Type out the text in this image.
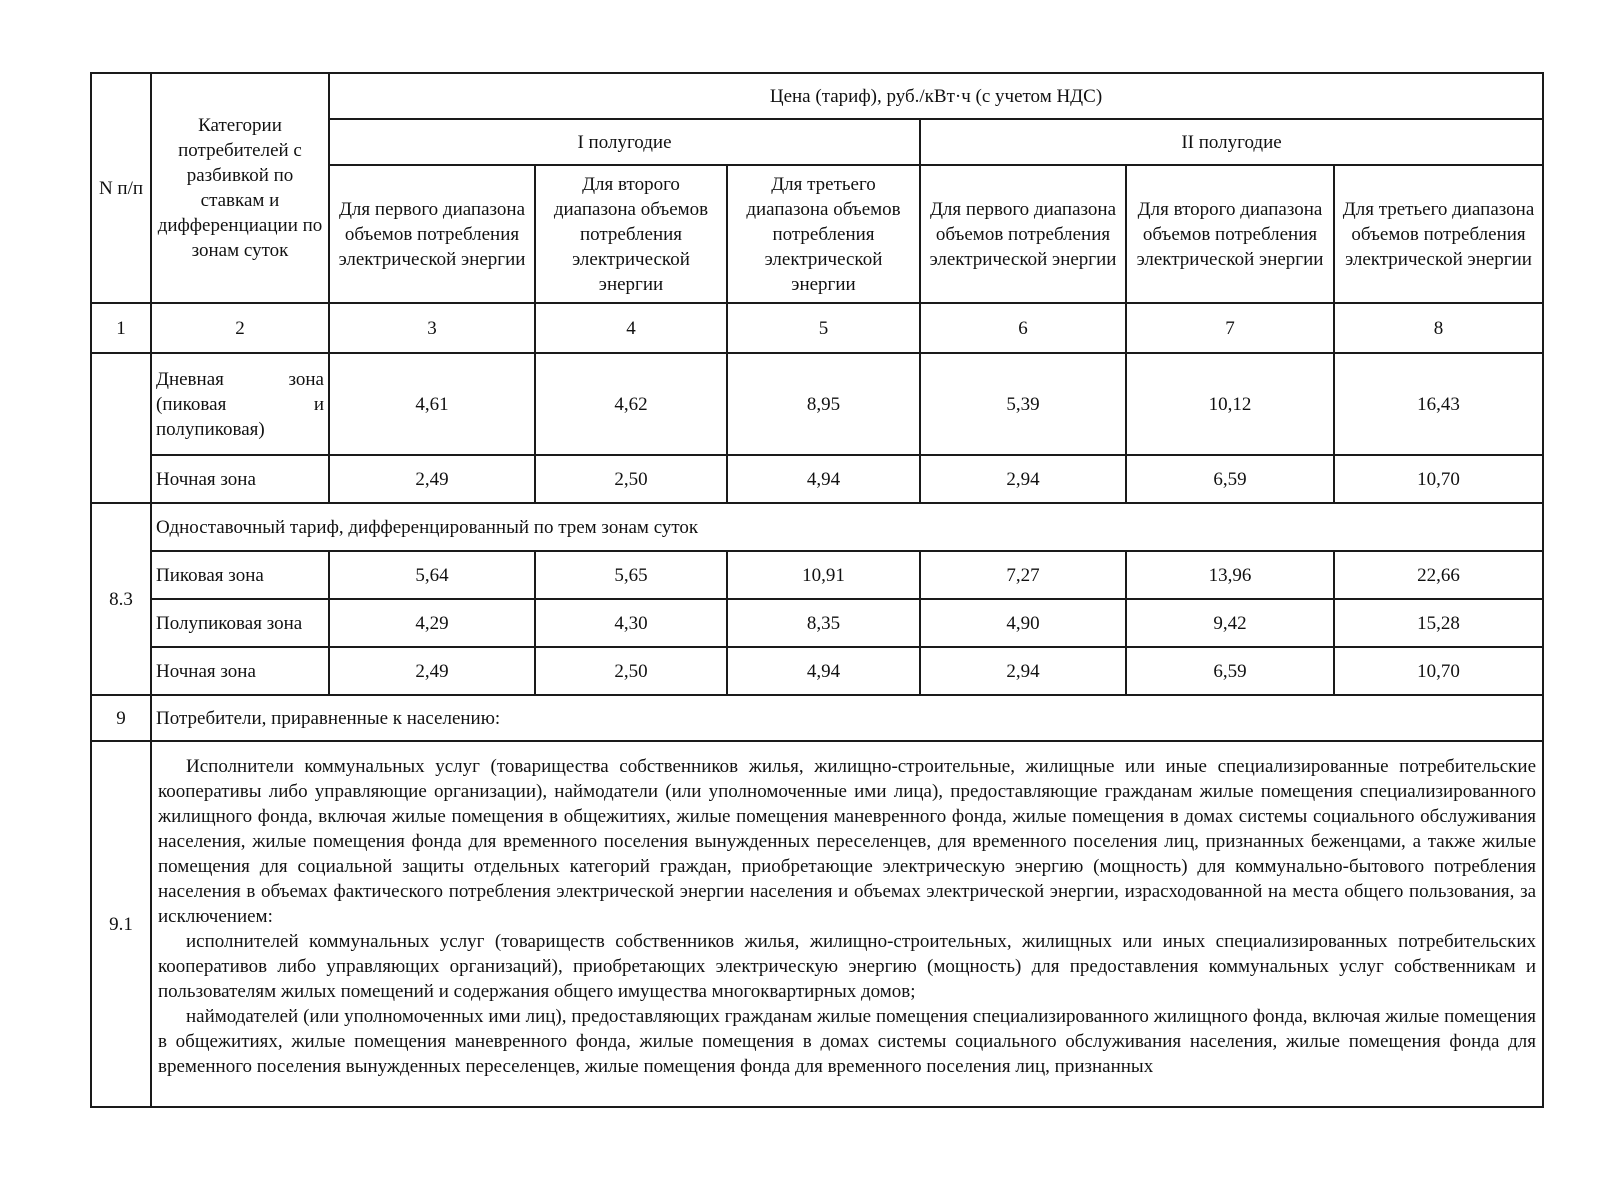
N п/п	Категории потребителей с разбивкой по ставкам и дифференциации по зонам суток	Цена (тариф), руб./кВт·ч (с учетом НДС)					
		I полугодие			II полугодие		
		Для первого диапазона объемов потребления электрической энергии	Для второго диапазона объемов потребления электрической энергии	Для третьего диапазона объемов потребления электрической энергии	Для первого диапазона объемов потребления электрической энергии	Для второго диапазона объемов потребления электрической энергии	Для третьего диапазона объемов потребления электрической энергии
1	2	3	4	5	6	7	8

	Дневная зона (пиковая и полупиковая)	4,61	4,62	8,95	5,39	10,12	16,43
	Ночная зона	2,49	2,50	4,94	2,94	6,59	10,70
8.3	Одноставочный тариф, дифференцированный по трем зонам суток						
	Пиковая зона	5,64	5,65	10,91	7,27	13,96	22,66
	Полупиковая зона	4,29	4,30	8,35	4,90	9,42	15,28
	Ночная зона	2,49	2,50	4,94	2,94	6,59	10,70
9	Потребители, приравненные к населению:						
9.1	Исполнители коммунальных услуг (товарищества собственников жилья, жилищно-строительные, жилищные или иные специализированные потребительские кооперативы либо управляющие организации), наймодатели (или уполномоченные ими лица), предоставляющие гражданам жилые помещения специализированного жилищного фонда, включая жилые помещения в общежитиях, жилые помещения маневренного фонда, жилые помещения в домах системы социального обслуживания населения, жилые помещения фонда для временного поселения вынужденных переселенцев, для временного поселения лиц, признанных беженцами, а также жилые помещения для социальной защиты отдельных категорий граждан, приобретающие электрическую энергию (мощность) для коммунально-бытового потребления населения в объемах фактического потребления электрической энергии населения и объемах электрической энергии, израсходованной на места общего пользования, за исключением:

исполнителей коммунальных услуг (товариществ собственников жилья, жилищно-строительных, жилищных или иных специализированных потребительских кооперативов либо управляющих организаций), приобретающих электрическую энергию (мощность) для предоставления коммунальных услуг собственникам и пользователям жилых помещений и содержания общего имущества многоквартирных домов;

наймодателей (или уполномоченных ими лиц), предоставляющих гражданам жилые помещения специализированного жилищного фонда, включая жилые помещения в общежитиях, жилые помещения маневренного фонда, жилые помещения в домах системы социального обслуживания населения, жилые помещения фонда для временного поселения вынужденных переселенцев, жилые помещения фонда для временного поселения лиц, признанных						
